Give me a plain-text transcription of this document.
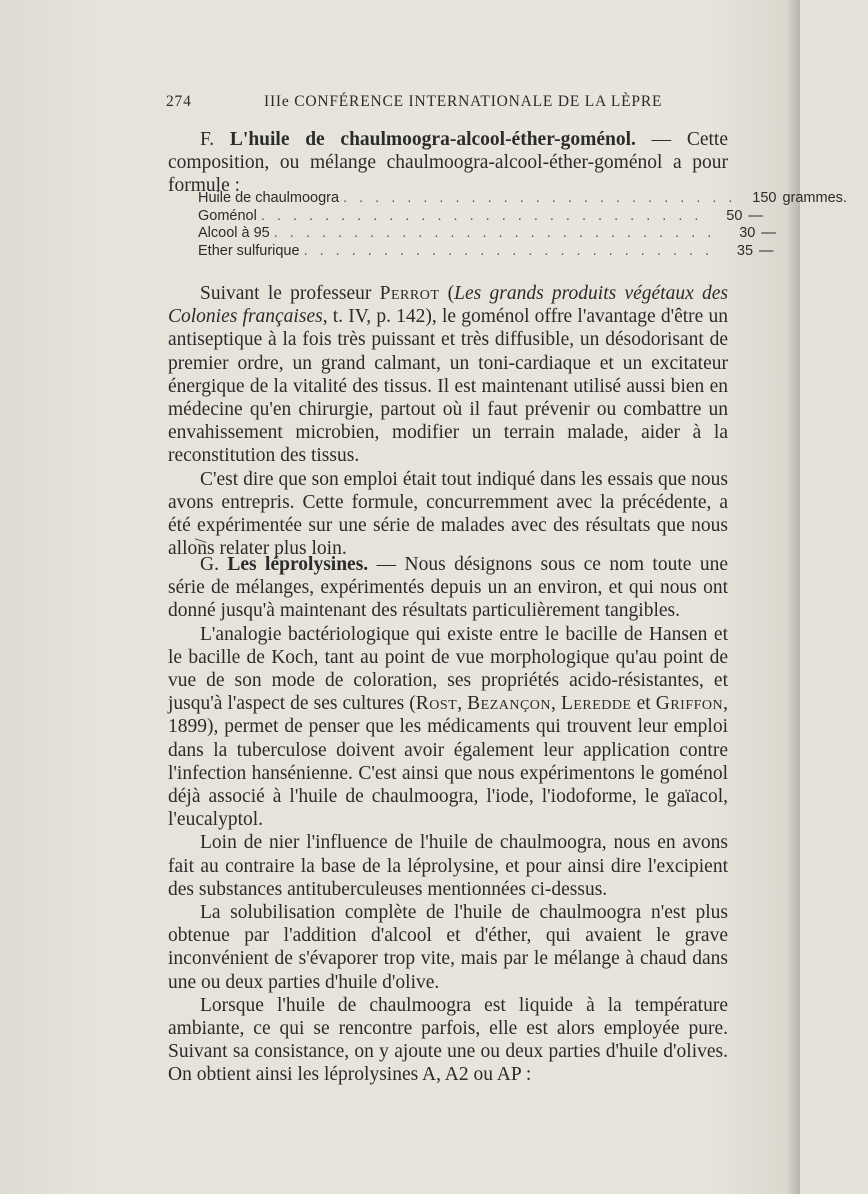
274	IIIe CONFÉRENCE INTERNATIONALE DE LA LÈPRE

F. L'huile de chaulmoogra-alcool-éther-goménol. — Cette composition, ou mélange chaulmoogra-alcool-éther-goménol a pour formule :

Huile de chaulmoogra . . . . . . . . . . . . . . . . . . . . . . . . .	150 grammes.
Goménol . . . . . . . . . . . . . . . . . . . . . . . . . . . .	50 —
Alcool à 95 . . . . . . . . . . . . . . . . . . . . . . . . . . . .	30 —
Ether sulfurique . . . . . . . . . . . . . . . . . . . . . . . . . .	35 —

Suivant le professeur Perrot (Les grands produits végétaux des Colonies françaises, t. IV, p. 142), le goménol offre l'avantage d'être un antiseptique à la fois très puissant et très diffusible, un désodorisant de premier ordre, un grand calmant, un toni-cardiaque et un excitateur énergique de la vitalité des tissus. Il est maintenant utilisé aussi bien en médecine qu'en chirurgie, partout où il faut prévenir ou combattre un envahissement microbien, modifier un terrain malade, aider à la reconstitution des tissus.

C'est dire que son emploi était tout indiqué dans les essais que nous avons entrepris. Cette formule, concurremment avec la précédente, a été expérimentée sur une série de malades avec des résultats que nous allons relater plus loin.

G. Les léprolysines. — Nous désignons sous ce nom toute une série de mélanges, expérimentés depuis un an environ, et qui nous ont donné jusqu'à maintenant des résultats particulièrement tangibles.

L'analogie bactériologique qui existe entre le bacille de Hansen et le bacille de Koch, tant au point de vue morphologique qu'au point de vue de son mode de coloration, ses propriétés acido-résistantes, et jusqu'à l'aspect de ses cultures (Rost, Bezançon, Lereddе et Griffon, 1899), permet de penser que les médicaments qui trouvent leur emploi dans la tuberculose doivent avoir également leur application contre l'infection hansénienne. C'est ainsi que nous expérimentons le goménol déjà associé à l'huile de chaulmoogra, l'iode, l'iodoforme, le gaïacol, l'eucalyptol.

Loin de nier l'influence de l'huile de chaulmoogra, nous en avons fait au contraire la base de la léprolysine, et pour ainsi dire l'excipient des substances antituberculeuses mentionnées ci-dessus.

La solubilisation complète de l'huile de chaulmoogra n'est plus obtenue par l'addition d'alcool et d'éther, qui avaient le grave inconvénient de s'évaporer trop vite, mais par le mélange à chaud dans une ou deux parties d'huile d'olive.

Lorsque l'huile de chaulmoogra est liquide à la température ambiante, ce qui se rencontre parfois, elle est alors employée pure. Suivant sa consistance, on y ajoute une ou deux parties d'huile d'olives. On obtient ainsi les léprolysines A, A2 ou AP :
